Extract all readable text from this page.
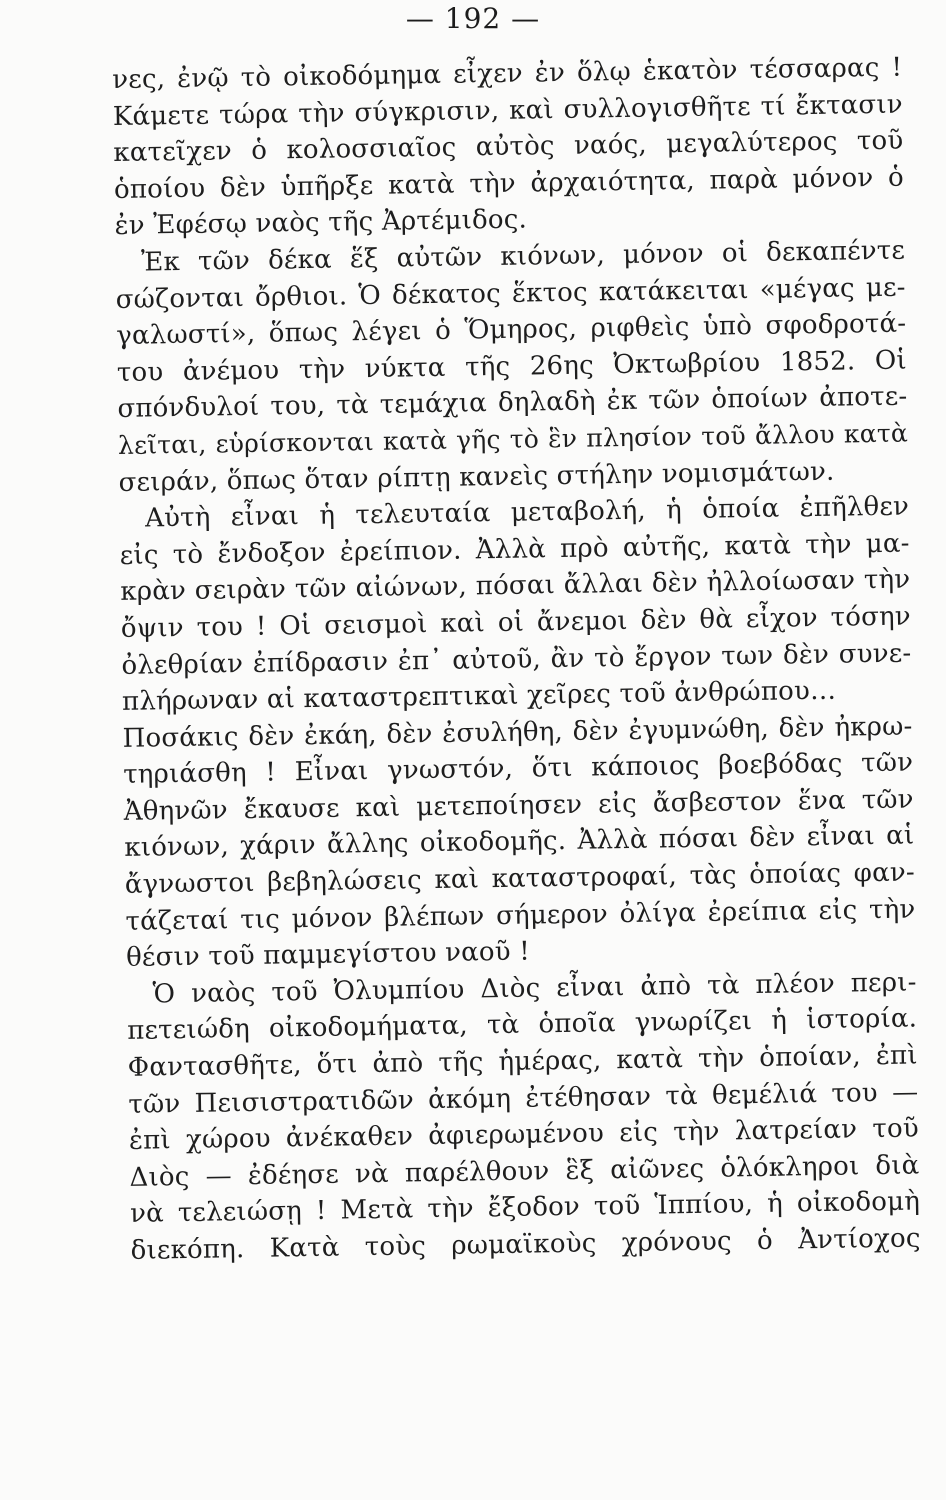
— 192 —
νες, ἐνῷ τὸ οἰκοδόμημα εἶχεν ἐν ὅλῳ ἑκατὸν τέσσαρας !
Κάμετε τώρα τὴν σύγκρισιν, καὶ συλλογισθῆτε τί ἔκτασιν
κατεῖχεν ὁ κολοσσιαῖος αὐτὸς ναός, μεγαλύτερος τοῦ
ὁποίου δὲν ὑπῆρξε κατὰ τὴν ἀρχαιότητα, παρὰ μόνον ὁ
ἐν Ἐφέσῳ ναὸς τῆς Ἀρτέμιδος.
Ἐκ τῶν δέκα ἕξ αὐτῶν κιόνων, μόνον οἱ δεκαπέντε
σώζονται ὄρθιοι. Ὁ δέκατος ἕκτος κατάκειται «μέγας με-
γαλωστί», ὅπως λέγει ὁ Ὅμηρος, ριφθεὶς ὑπὸ σφοδροτά-
του ἀνέμου τὴν νύκτα τῆς 26ης Ὀκτωβρίου 1852. Οἱ
σπόνδυλοί του, τὰ τεμάχια δηλαδὴ ἐκ τῶν ὁποίων ἀποτε-
λεῖται, εὑρίσκονται κατὰ γῆς τὸ ἓν πλησίον τοῦ ἄλλου κατὰ
σειράν, ὅπως ὅταν ρίπτῃ κανεὶς στήλην νομισμάτων.
Αὐτὴ εἶναι ἡ τελευταία μεταβολή, ἡ ὁποία ἐπῆλθεν
εἰς τὸ ἔνδοξον ἐρείπιον. Ἀλλὰ πρὸ αὐτῆς, κατὰ τὴν μα-
κρὰν σειρὰν τῶν αἰώνων, πόσαι ἄλλαι δὲν ἠλλοίωσαν τὴν
ὄψιν του ! Οἱ σεισμοὶ καὶ οἱ ἄνεμοι δὲν θὰ εἶχον τόσην
ὀλεθρίαν ἐπίδρασιν ἐπ᾽ αὐτοῦ, ἂν τὸ ἔργον των δὲν συνε-
πλήρωναν αἱ καταστρεπτικαὶ χεῖρες τοῦ ἀνθρώπου…
Ποσάκις δὲν ἐκάη, δὲν ἐσυλήθη, δὲν ἐγυμνώθη, δὲν ἠκρω-
τηριάσθη ! Εἶναι γνωστόν, ὅτι κάποιος βοεβόδας τῶν
Ἀθηνῶν ἔκαυσε καὶ μετεποίησεν εἰς ἄσβεστον ἕνα τῶν
κιόνων, χάριν ἄλλης οἰκοδομῆς. Ἀλλὰ πόσαι δὲν εἶναι αἱ
ἄγνωστοι βεβηλώσεις καὶ καταστροφαί, τὰς ὁποίας φαν-
τάζεταί τις μόνον βλέπων σήμερον ὀλίγα ἐρείπια εἰς τὴν
θέσιν τοῦ παμμεγίστου ναοῦ !
Ὁ ναὸς τοῦ Ὀλυμπίου Διὸς εἶναι ἀπὸ τὰ πλέον περι-
πετειώδη οἰκοδομήματα, τὰ ὁποῖα γνωρίζει ἡ ἱστορία.
Φαντασθῆτε, ὅτι ἀπὸ τῆς ἡμέρας, κατὰ τὴν ὁποίαν, ἐπὶ
τῶν Πεισιστρατιδῶν ἀκόμη ἐτέθησαν τὰ θεμέλιά του —
ἐπὶ χώρου ἀνέκαθεν ἀφιερωμένου εἰς τὴν λατρείαν τοῦ
Διὸς — ἐδέησε νὰ παρέλθουν ἓξ αἰῶνες ὁλόκληροι διὰ
νὰ τελειώσῃ ! Μετὰ τὴν ἔξοδον τοῦ Ἱππίου, ἡ οἰκοδομὴ
διεκόπη. Κατὰ τοὺς ρωμαϊκοὺς χρόνους ὁ Ἀντίοχος
